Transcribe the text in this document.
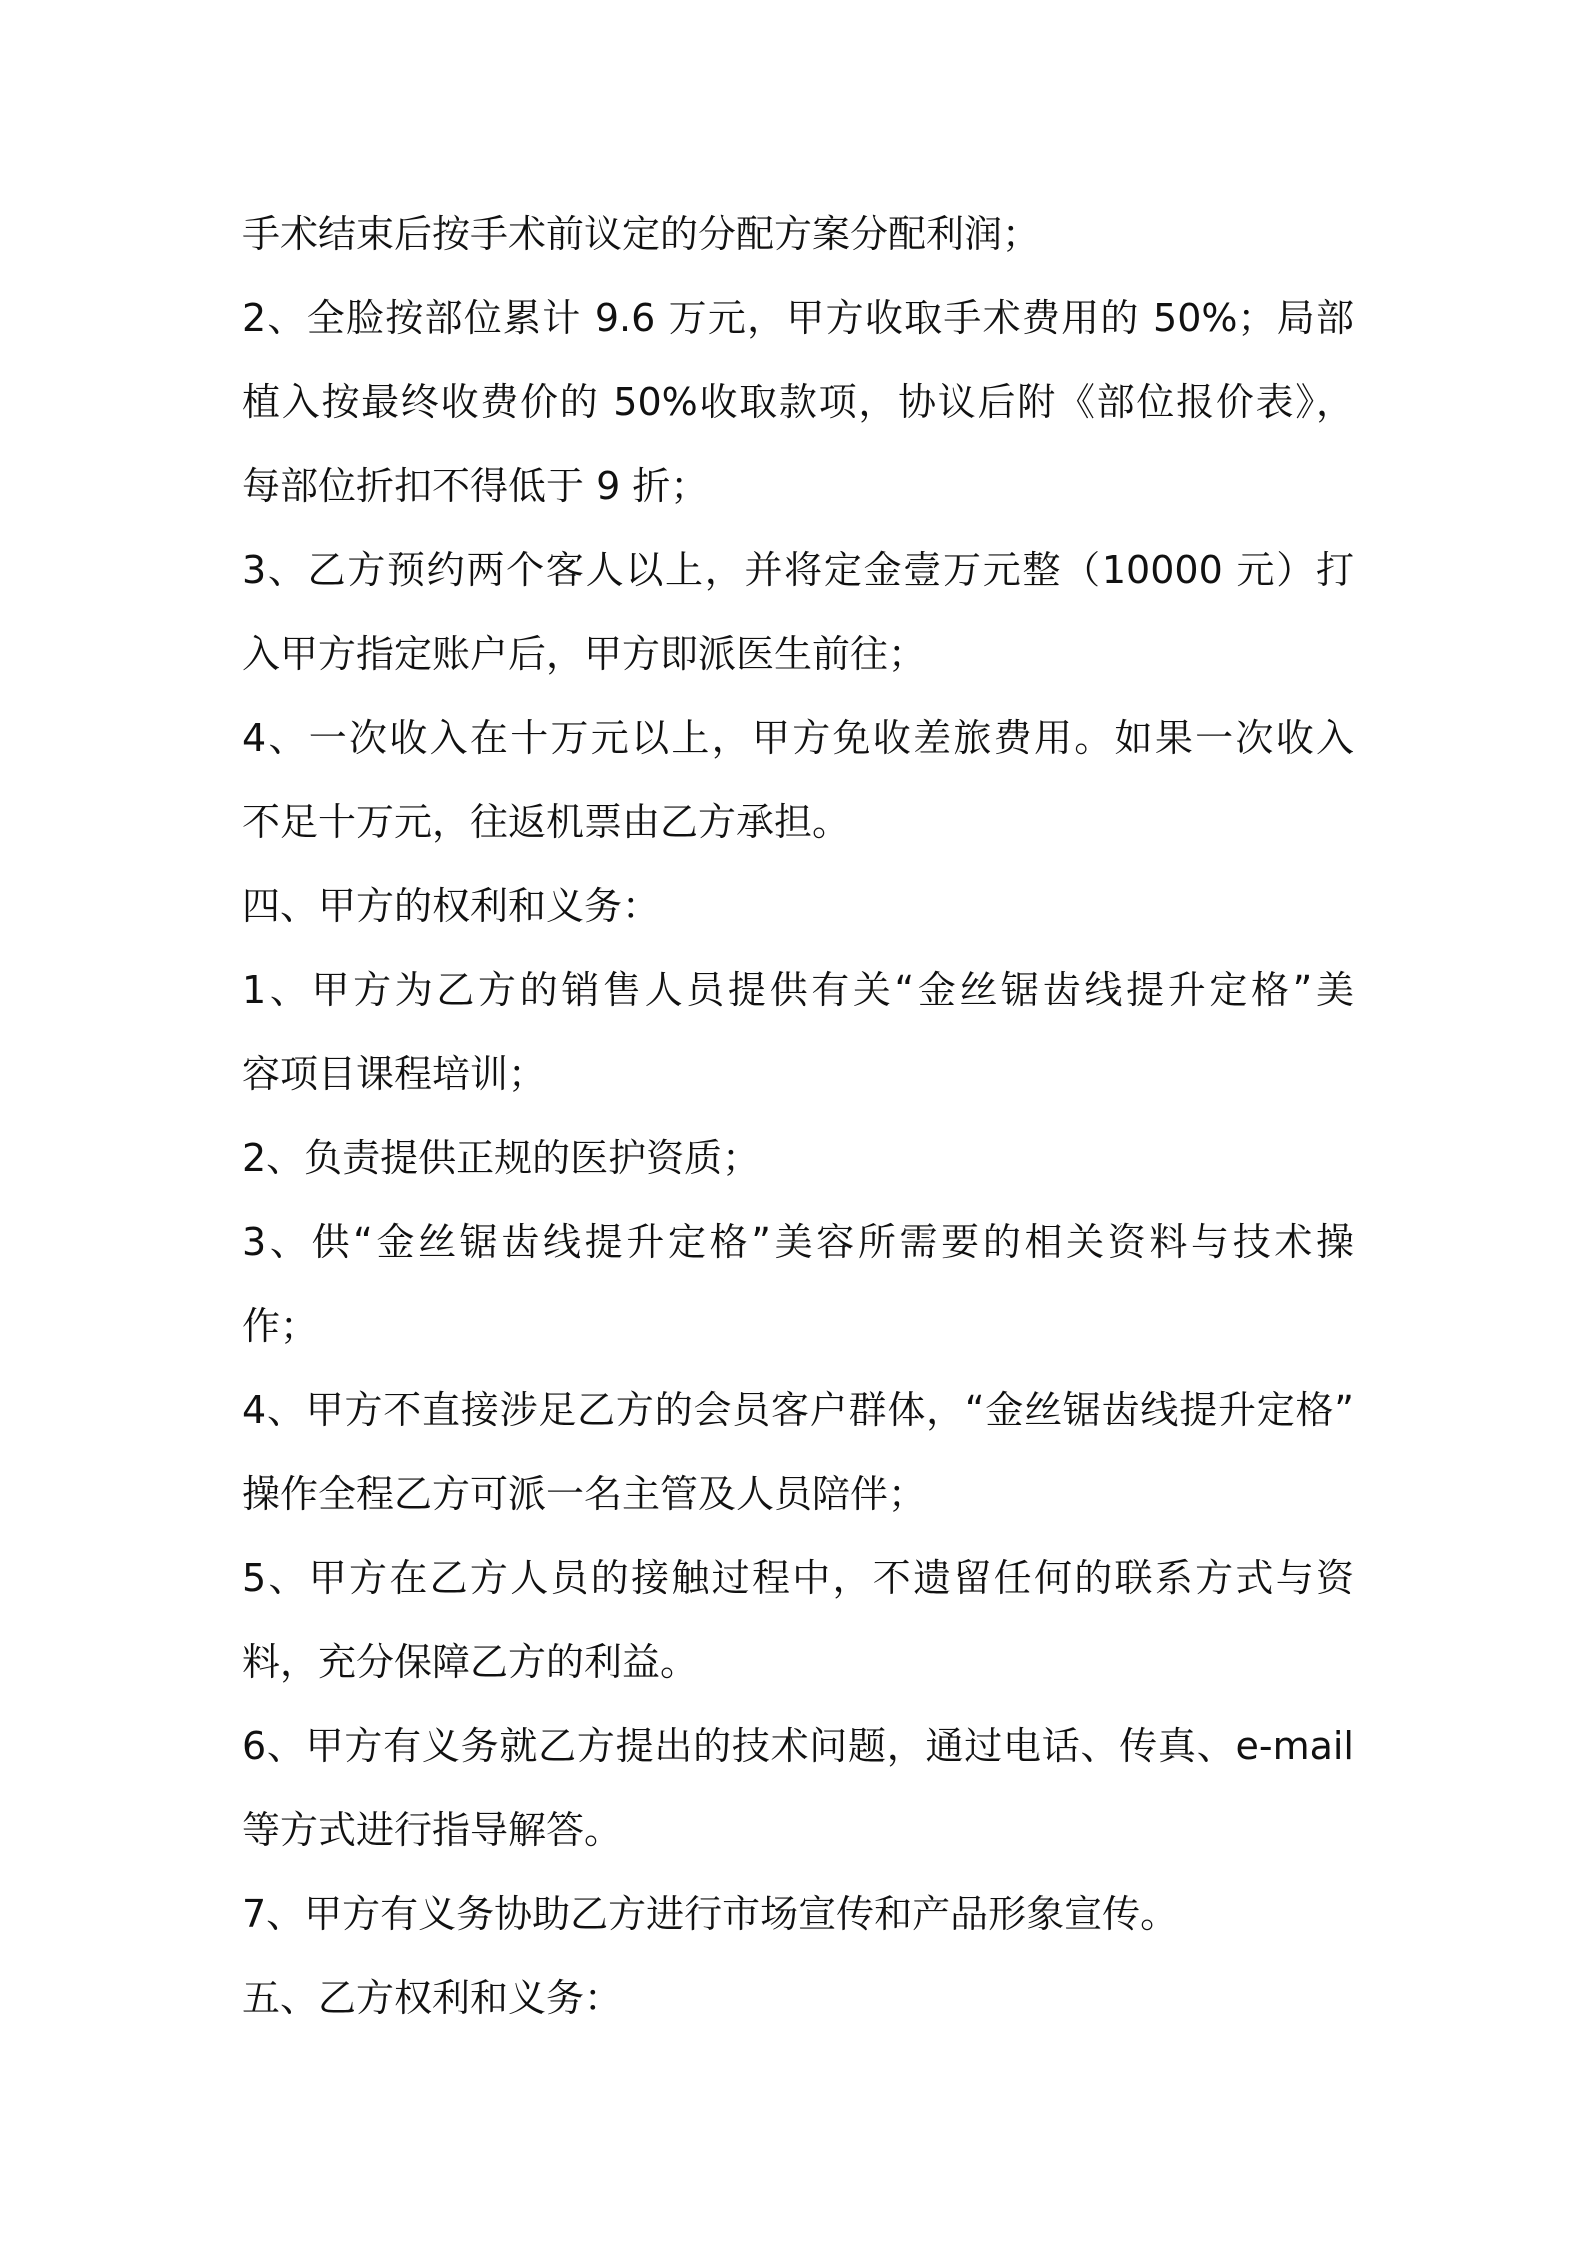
手术结束后按手术前议定的分配方案分配利润；
2、全脸按部位累计 9.6 万元，甲方收取手术费用的 50%；局部
植入按最终收费价的 50%收取款项，协议后附《部位报价表》，
每部位折扣不得低于 9 折；
3、乙方预约两个客人以上，并将定金壹万元整（10000 元）打
入甲方指定账户后，甲方即派医生前往；
4、一次收入在十万元以上，甲方免收差旅费用。如果一次收入
不足十万元，往返机票由乙方承担。
四、甲方的权利和义务：
1、甲方为乙方的销售人员提供有关“金丝锯齿线提升定格”美
容项目课程培训；
2、负责提供正规的医护资质；
3、供“金丝锯齿线提升定格”美容所需要的相关资料与技术操
作；
4、甲方不直接涉足乙方的会员客户群体，“金丝锯齿线提升定格”
操作全程乙方可派一名主管及人员陪伴；
5、甲方在乙方人员的接触过程中，不遗留任何的联系方式与资
料，充分保障乙方的利益。
6、甲方有义务就乙方提出的技术问题，通过电话、传真、e-mail
等方式进行指导解答。
7、甲方有义务协助乙方进行市场宣传和产品形象宣传。
五、乙方权利和义务：
